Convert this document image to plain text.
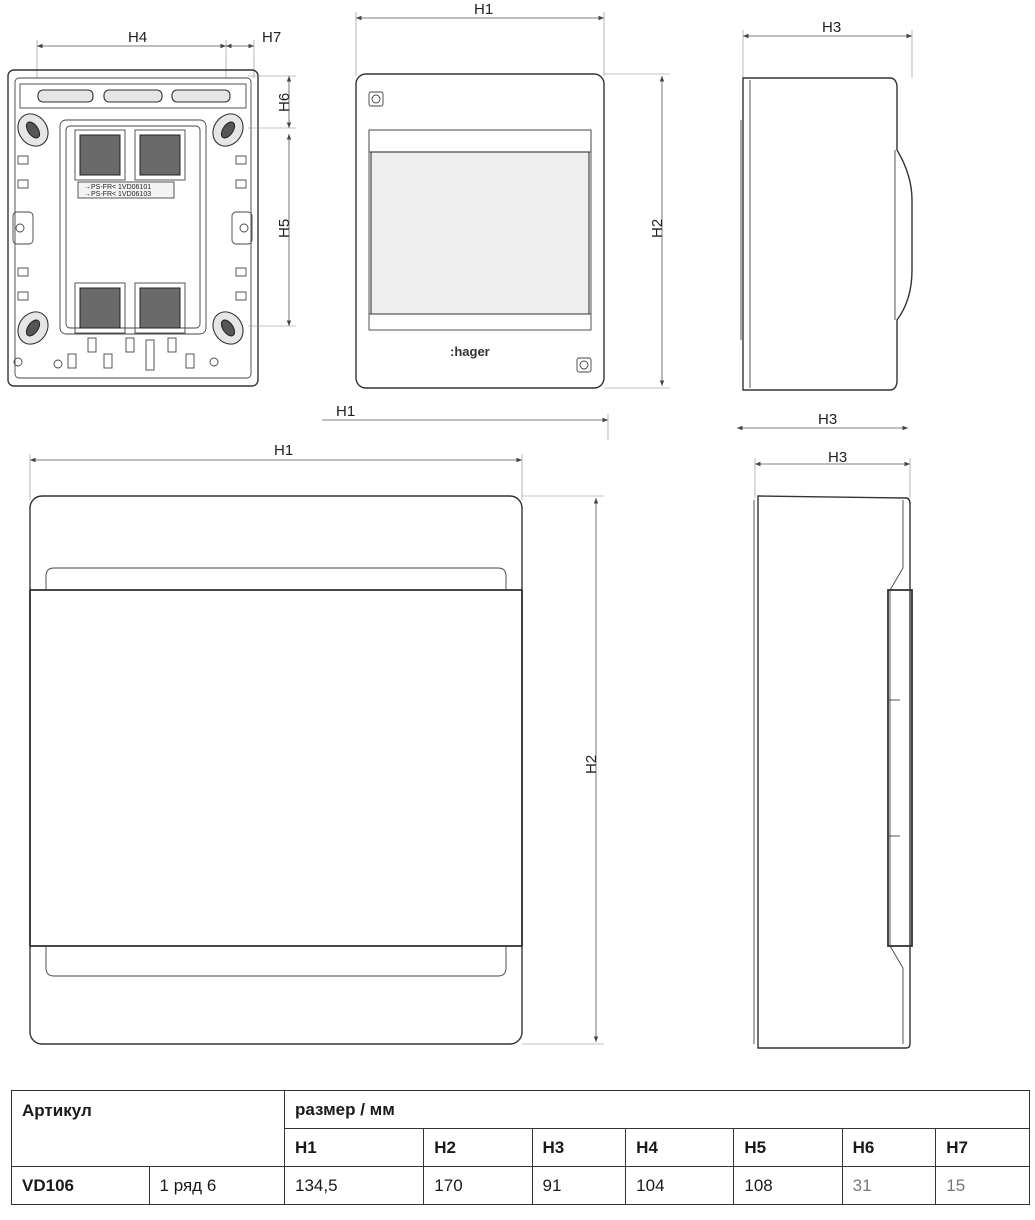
H4	H7
→PS-FR< 1VD06101
→PS-FR< 1VD06103
H6
H5
H1
:hager
H2
H3
H1	H3
H1
H2
H3
Артикул		размер / мм						
		H1	H2	H3	H4	H5	H6	H7
VD106	1 ряд 6	134,5	170	91	104	108	31	15
